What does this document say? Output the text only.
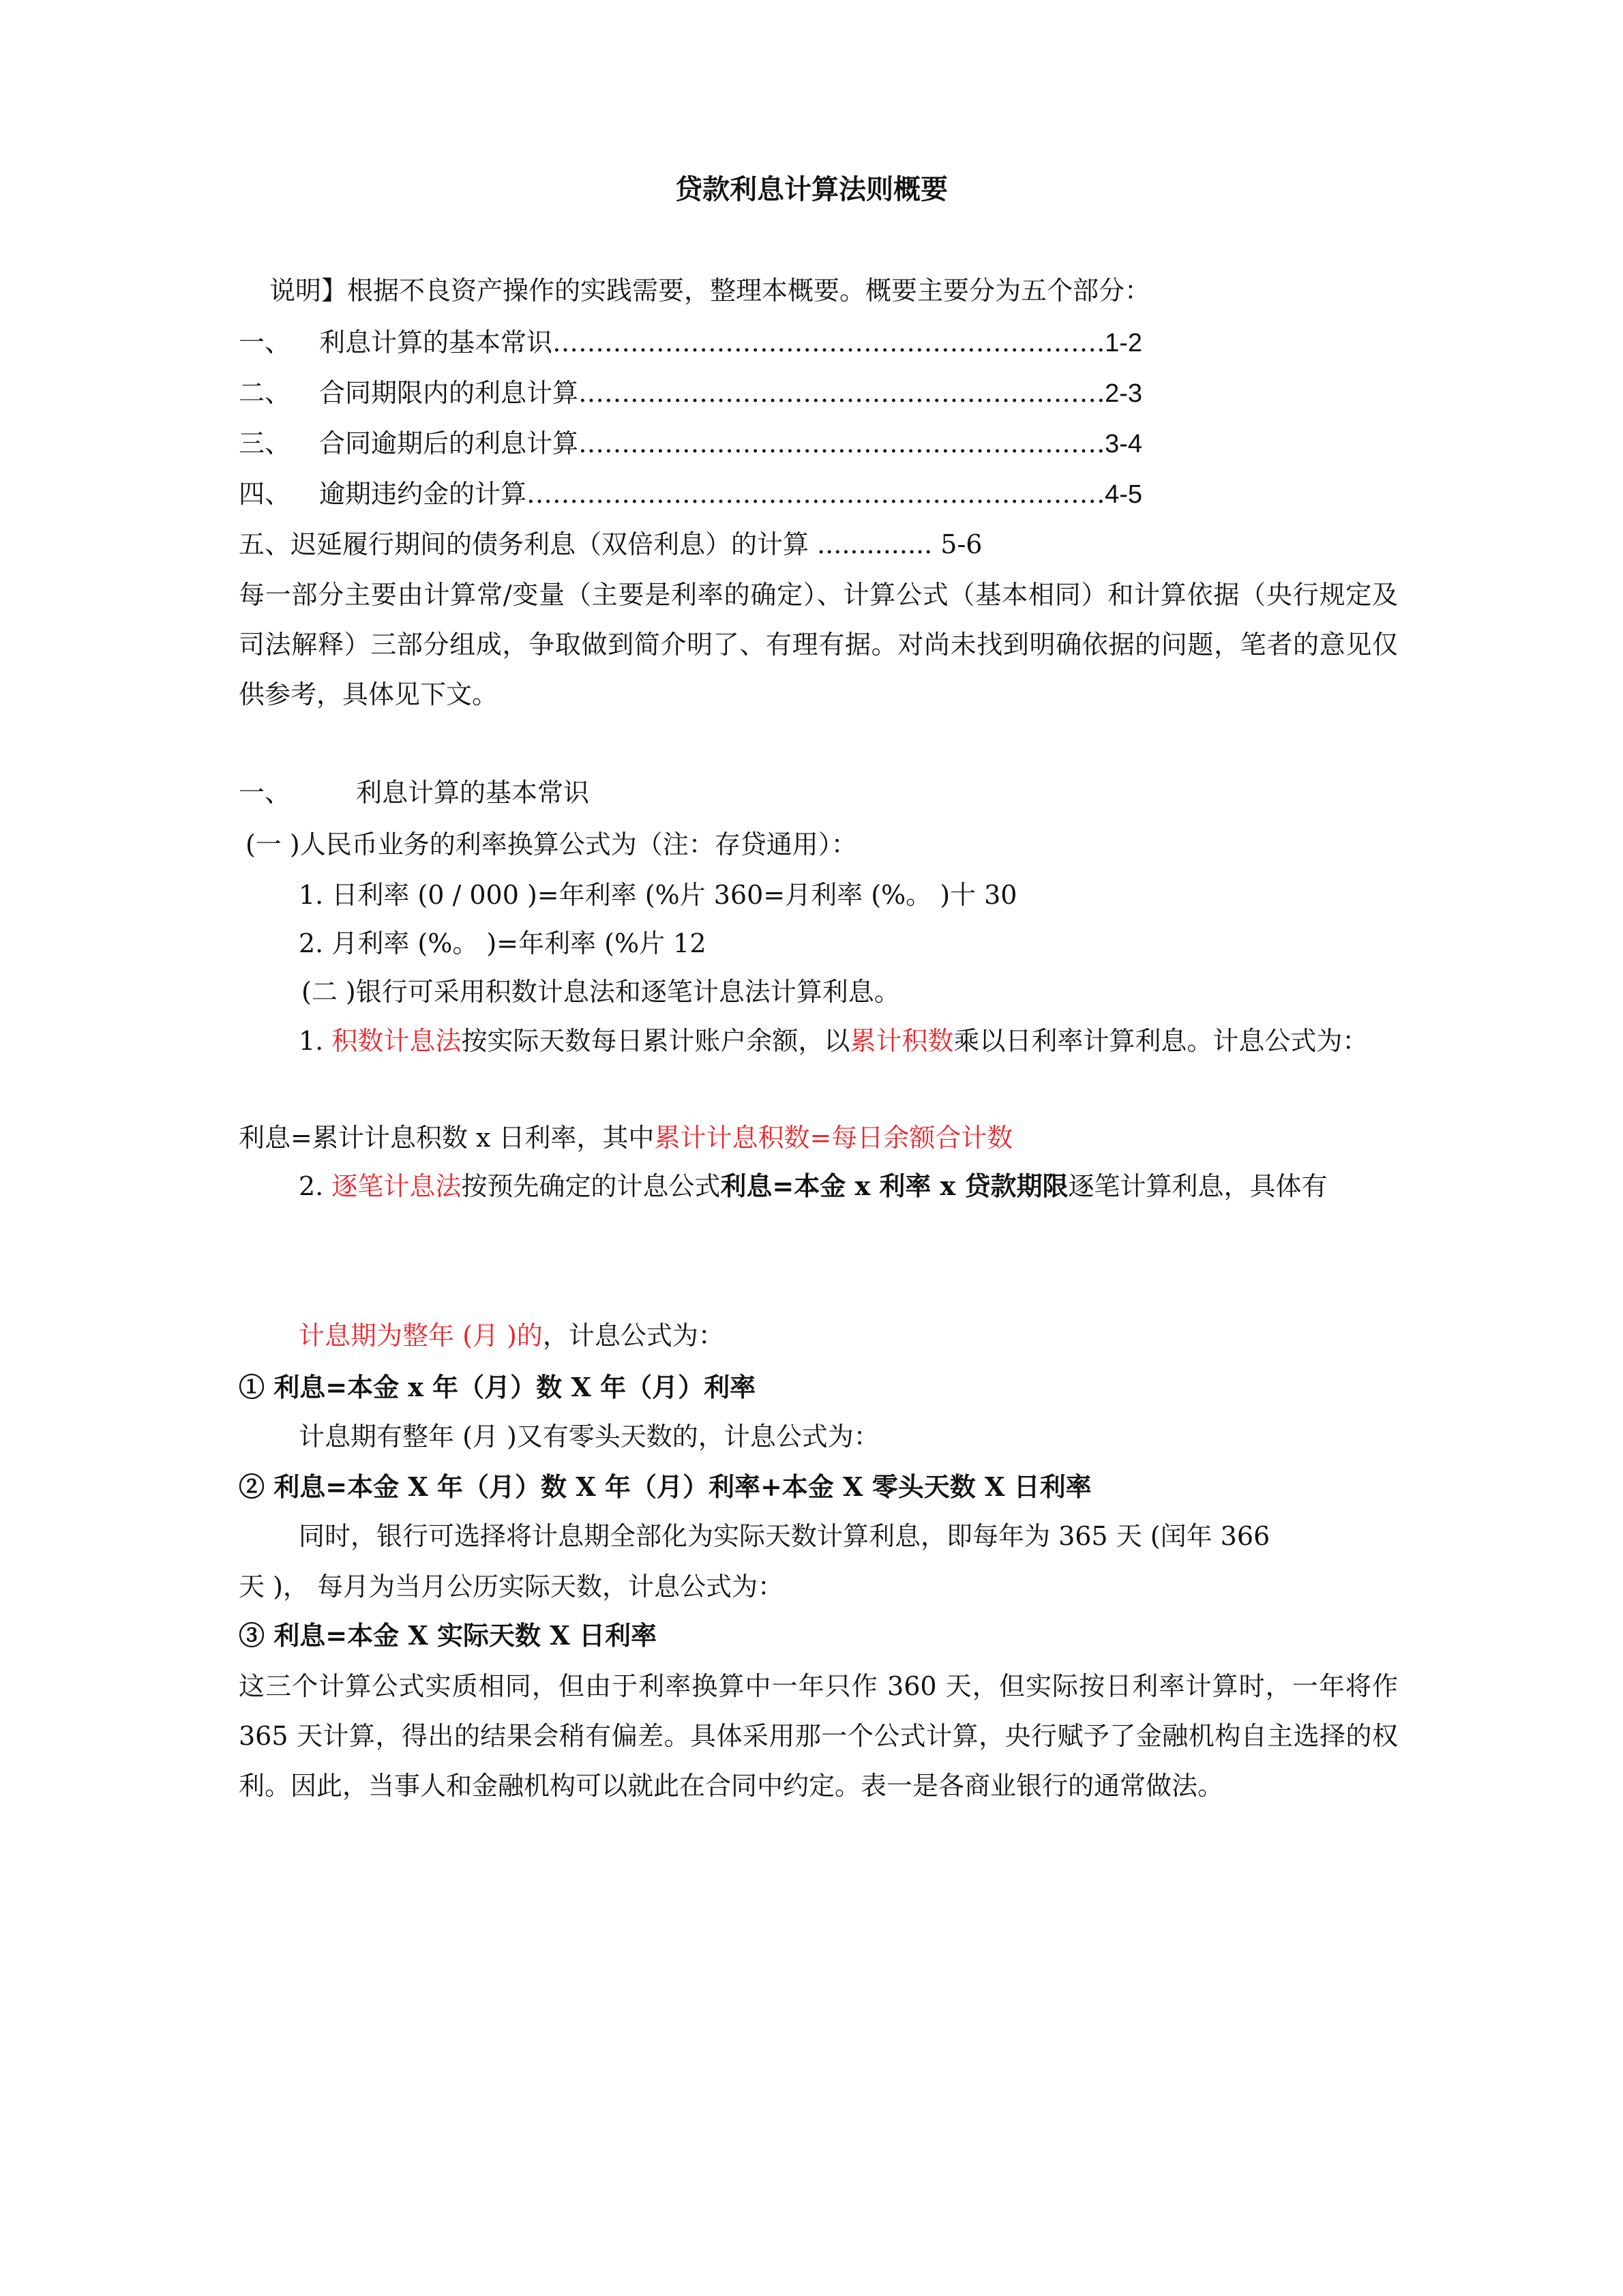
贷款利息计算法则概要
说明】根据不良资产操作的实践需要，整理本概要。概要主要分为五个部分：
一、	利息计算的基本常识 …………………………………………………………………………………………	1-2
二、	合同期限内的利息计算 …………………………………………………………………………………………	2-3
三、	合同逾期后的利息计算 …………………………………………………………………………………………	3-4
四、	逾期违约金的计算 …………………………………………………………………………………………	4-5
五、迟延履行期间的债务利息（双倍利息）的计算 .............. 5-6
每一部分主要由计算常/变量（主要是利率的确定）、计算公式（基本相同）和计算依据（央行规定及司法解释）三部分组成，争取做到简介明了、有理有据。对尚未找到明确依据的问题，笔者的意见仅供参考，具体见下文。
一、	利息计算的基本常识
(一 )人民币业务的利率换算公式为（注：存贷通用）：
1. 日利率 (0 / 000 )=年利率 (%片 360=月利率 (%。 )十 30
2. 月利率 (%。 )=年利率 (%片 12
(二 )银行可采用积数计息法和逐笔计息法计算利息。
1. 积数计息法按实际天数每日累计账户余额，以累计积数乘以日利率计算利息。计息公式为：
利息=累计计息积数 x 日利率，其中累计计息积数=每日余额合计数
2. 逐笔计息法按预先确定的计息公式利息=本金 x 利率 x 贷款期限逐笔计算利息，具体有
计息期为整年 (月 )的，计息公式为：
① 利息=本金 x 年（月）数 X 年（月）利率
计息期有整年 (月 )又有零头天数的，计息公式为：
② 利息=本金 X 年（月）数 X 年（月）利率+本金 X 零头天数 X 日利率
同时，银行可选择将计息期全部化为实际天数计算利息，即每年为 365 天 (闰年 366
天 )， 每月为当月公历实际天数，计息公式为：
③ 利息=本金 X 实际天数 X 日利率
这三个计算公式实质相同，但由于利率换算中一年只作 360 天，但实际按日利率计算时，一年将作 365 天计算，得出的结果会稍有偏差。具体采用那一个公式计算，央行赋予了金融机构自主选择的权利。因此，当事人和金融机构可以就此在合同中约定。表一是各商业银行的通常做法。
